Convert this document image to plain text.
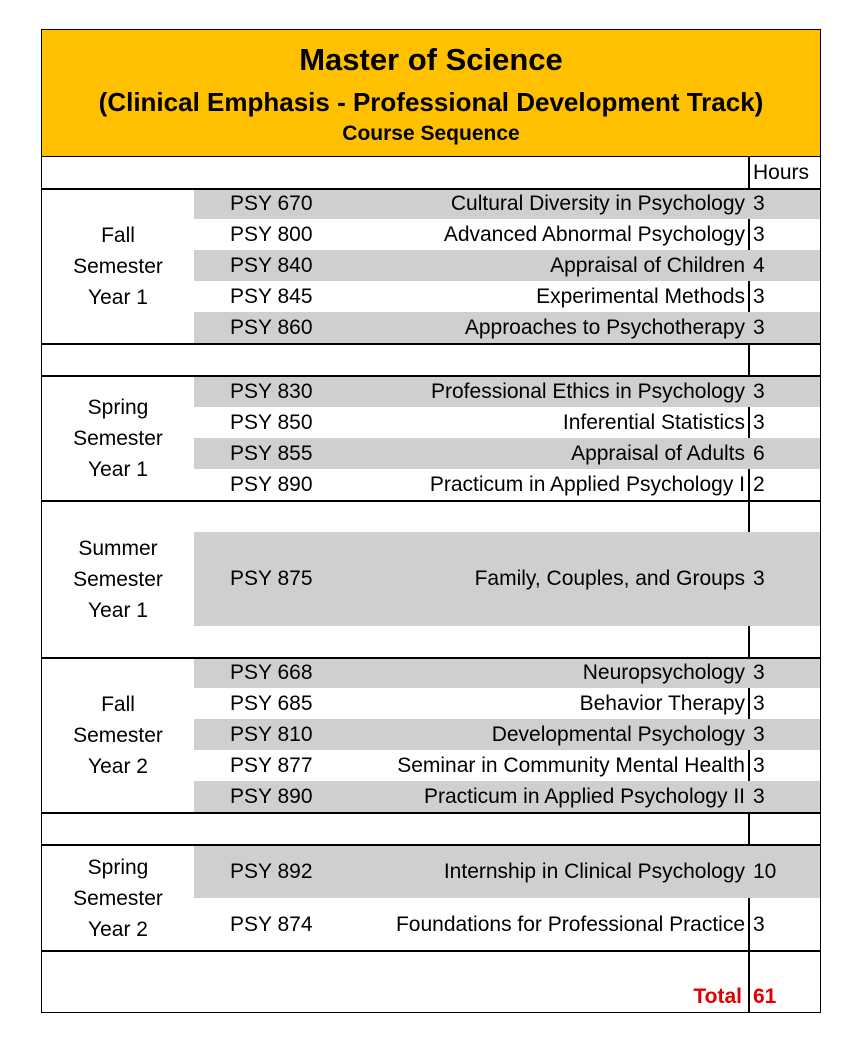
Master of Science
(Clinical Emphasis - Professional Development Track)
Course Sequence
Hours
Fall
Semester
Year 1
PSY 670	Cultural Diversity in Psychology 3
PSY 800	Advanced Abnormal Psychology 3
PSY 840	Appraisal of Children 4
PSY 845	Experimental Methods 3
PSY 860	Approaches to Psychotherapy 3
Spring
Semester
Year 1
PSY 830	Professional Ethics in Psychology 3
PSY 850	Inferential Statistics 3
PSY 855	Appraisal of Adults 6
PSY 890	Practicum in Applied Psychology I 2
Summer
Semester
Year 1
PSY 875	Family, Couples, and Groups 3
Fall
Semester
Year 2
PSY 668	Neuropsychology 3
PSY 685	Behavior Therapy 3
PSY 810	Developmental Psychology 3
PSY 877	Seminar in Community Mental Health 3
PSY 890	Practicum in Applied Psychology II 3
Spring
Semester
Year 2
PSY 892	Internship in Clinical Psychology 10
PSY 874	Foundations for Professional Practice 3
Total 61
